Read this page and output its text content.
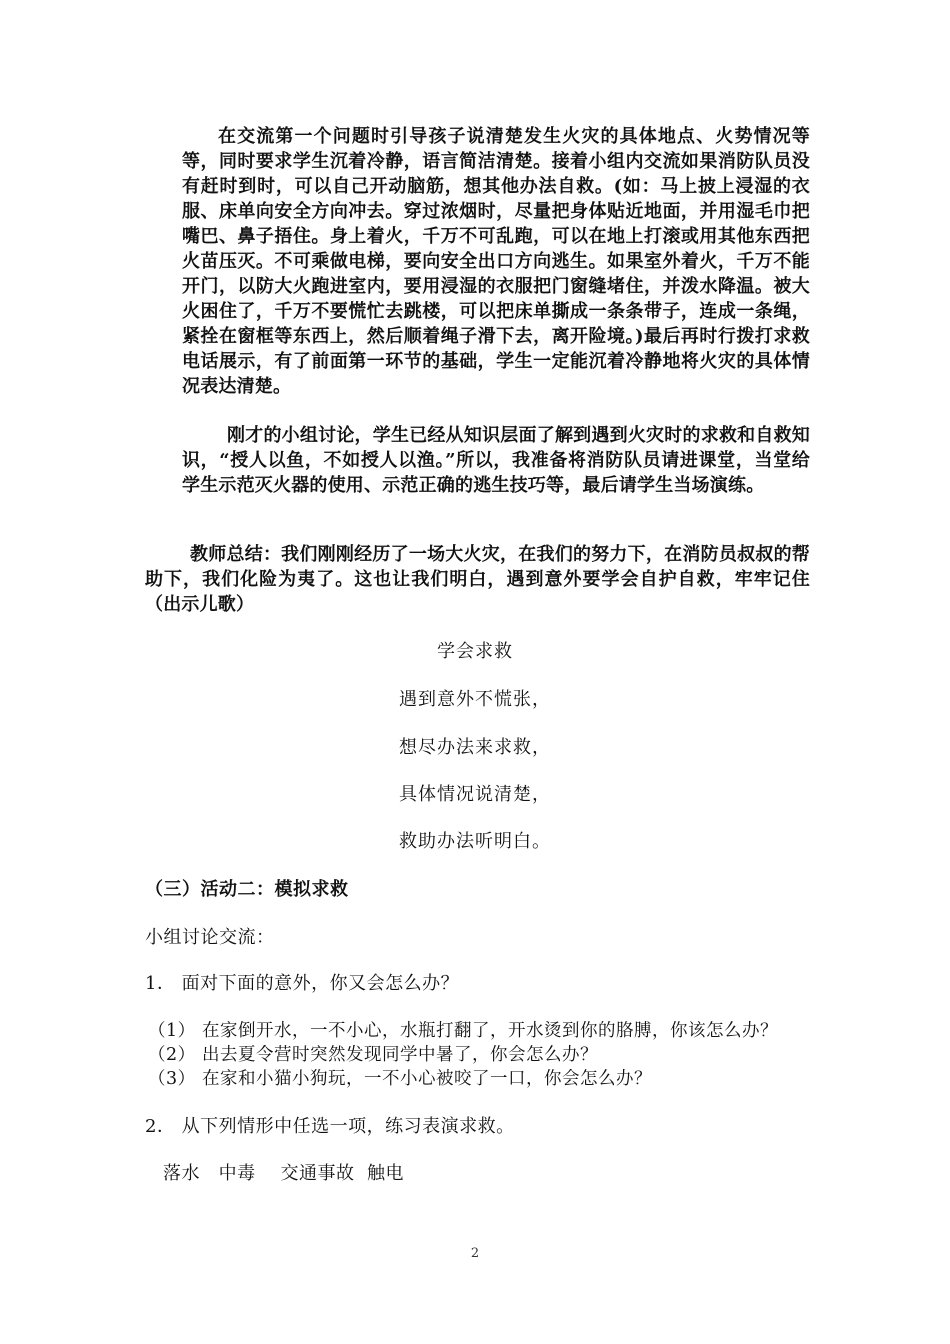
在交流第一个问题时引导孩子说清楚发生火灾的具体地点、火势情况等等，同时要求学生沉着冷静，语言简洁清楚。接着小组内交流如果消防队员没有赶时到时，可以自己开动脑筋，想其他办法自救。(如：马上披上浸湿的衣服、床单向安全方向冲去。穿过浓烟时，尽量把身体贴近地面，并用湿毛巾把嘴巴、鼻子捂住。身上着火，千万不可乱跑，可以在地上打滚或用其他东西把火苗压灭。不可乘做电梯，要向安全出口方向逃生。如果室外着火，千万不能开门，以防大火跑进室内，要用浸湿的衣服把门窗缝堵住，并泼水降温。被大火困住了，千万不要慌忙去跳楼，可以把床单撕成一条条带子，连成一条绳，紧拴在窗框等东西上，然后顺着绳子滑下去，离开险境。)最后再时行拨打求救电话展示，有了前面第一环节的基础，学生一定能沉着冷静地将火灾的具体情况表达清楚。
刚才的小组讨论，学生已经从知识层面了解到遇到火灾时的求救和自救知识，“授人以鱼，不如授人以渔。”所以，我准备将消防队员请进课堂，当堂给学生示范灭火器的使用、示范正确的逃生技巧等，最后请学生当场演练。
教师总结：我们刚刚经历了一场大火灾，在我们的努力下，在消防员叔叔的帮助下，我们化险为夷了。这也让我们明白，遇到意外要学会自护自救，牢牢记住（出示儿歌）
学会求救
遇到意外不慌张，
想尽办法来求救，
具体情况说清楚，
救助办法听明白。
（三）活动二：模拟求救
小组讨论交流：
1． 面对下面的意外，你又会怎么办？
（1） 在家倒开水，一不小心，水瓶打翻了，开水烫到你的胳膊，你该怎么办？
（2） 出去夏令营时突然发现同学中暑了，你会怎么办？
（3） 在家和小猫小狗玩，一不小心被咬了一口，你会怎么办？
2． 从下列情形中任选一项，练习表演求救。
落水   中毒    交通事故  触电
2
